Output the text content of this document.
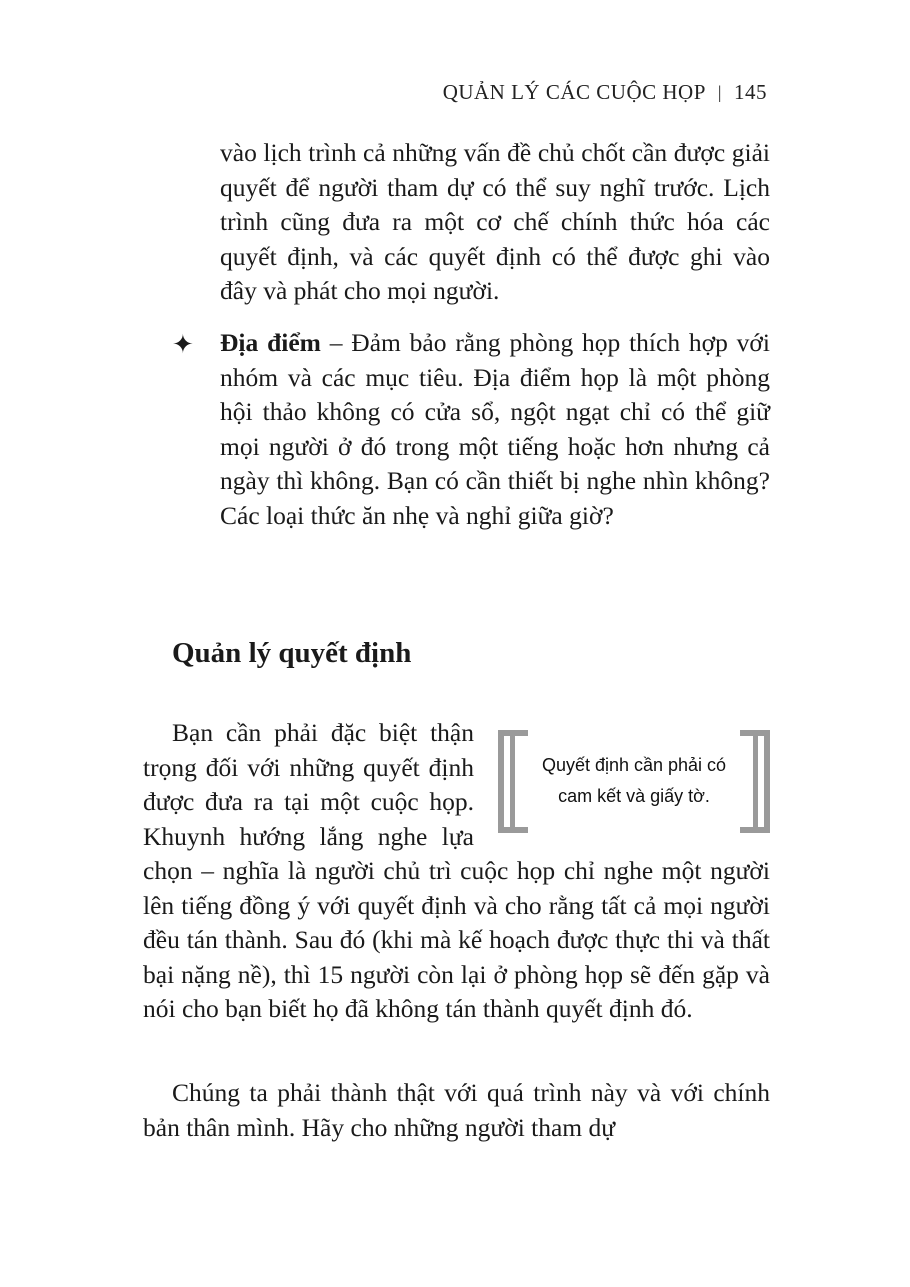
QUẢN LÝ CÁC CUỘC HỌP | 145

vào lịch trình cả những vấn đề chủ chốt cần được giải quyết để người tham dự có thể suy nghĩ trước. Lịch trình cũng đưa ra một cơ chế chính thức hóa các quyết định, và các quyết định có thể được ghi vào đây và phát cho mọi người.

✦ Địa điểm – Đảm bảo rằng phòng họp thích hợp với nhóm và các mục tiêu. Địa điểm họp là một phòng hội thảo không có cửa sổ, ngột ngạt chỉ có thể giữ mọi người ở đó trong một tiếng hoặc hơn nhưng cả ngày thì không. Bạn có cần thiết bị nghe nhìn không? Các loại thức ăn nhẹ và nghỉ giữa giờ?

Quản lý quyết định

Quyết định cần phải có cam kết và giấy tờ.
Bạn cần phải đặc biệt thận trọng đối với những quyết định được đưa ra tại một cuộc họp. Khuynh hướng lắng nghe lựa chọn – nghĩa là người chủ trì cuộc họp chỉ nghe một người lên tiếng đồng ý với quyết định và cho rằng tất cả mọi người đều tán thành. Sau đó (khi mà kế hoạch được thực thi và thất bại nặng nề), thì 15 người còn lại ở phòng họp sẽ đến gặp và nói cho bạn biết họ đã không tán thành quyết định đó.

Chúng ta phải thành thật với quá trình này và với chính bản thân mình. Hãy cho những người tham dự
